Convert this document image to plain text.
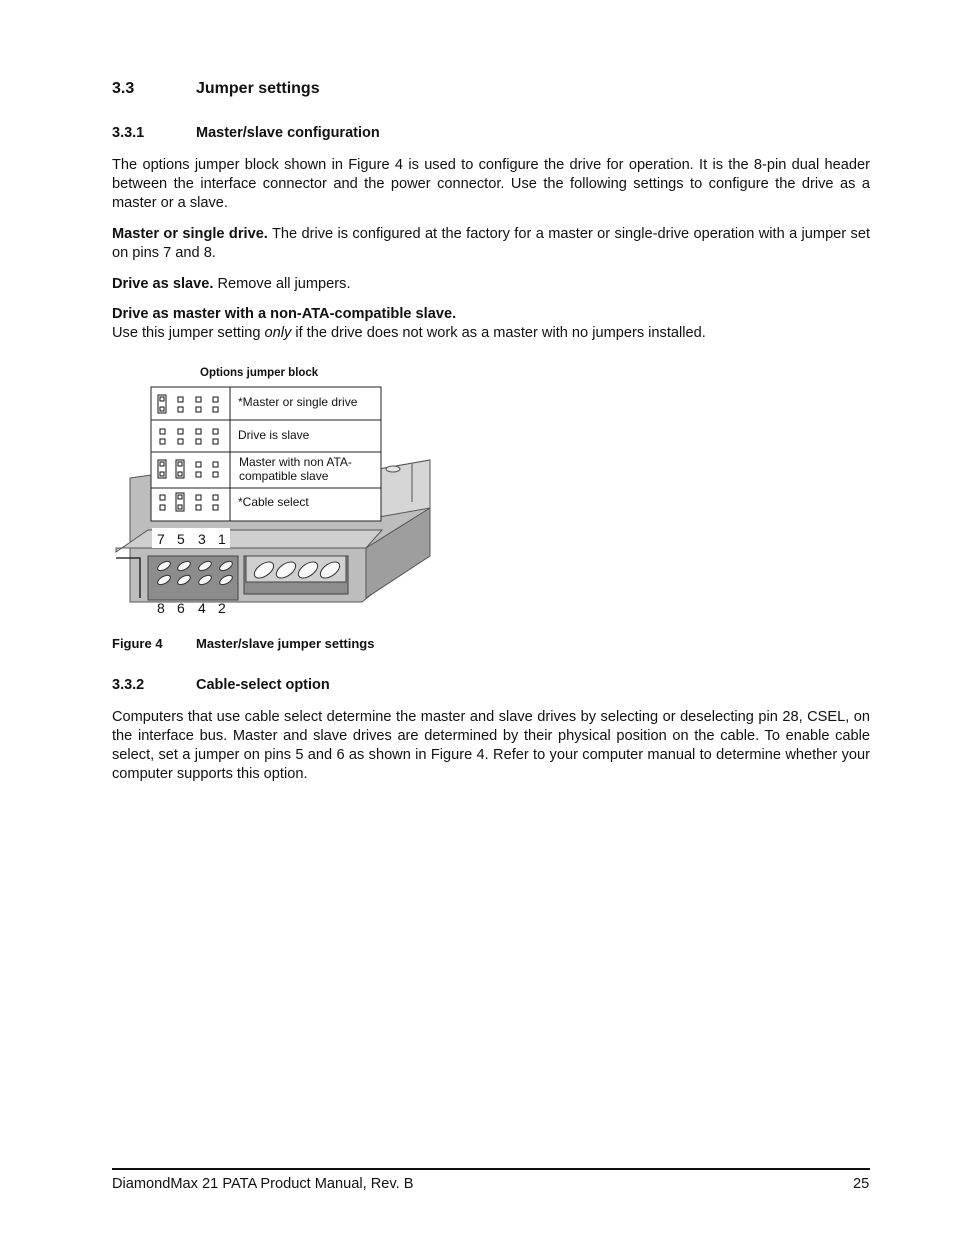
3.3	Jumper settings
3.3.1	Master/slave configuration

The options jumper block shown in Figure 4 is used to configure the drive for operation. It is the 8-pin dual header between the interface connector and the power connector. Use the following settings to configure the drive as a master or a slave.

Master or single drive. The drive is configured at the factory for a master or single-drive operation with a jumper set on pins 7 and 8.

Drive as slave. Remove all jumpers.

Drive as master with a non-ATA-compatible slave.
Use this jumper setting only if the drive does not work as a master with no jumpers installed.

Options jumper block
*Master or single drive
Drive is slave
Master with non ATA-
compatible slave
*Cable select
7 5 3 1
8 6 4 2
Figure 4	Master/slave jumper settings
3.3.2	Cable-select option

Computers that use cable select determine the master and slave drives by selecting or deselecting pin 28, CSEL, on the interface bus. Master and slave drives are determined by their physical position on the cable. To enable cable select, set a jumper on pins 5 and 6 as shown in Figure 4. Refer to your computer manual to determine whether your computer supports this option.

DiamondMax 21 PATA Product Manual, Rev. B	25
